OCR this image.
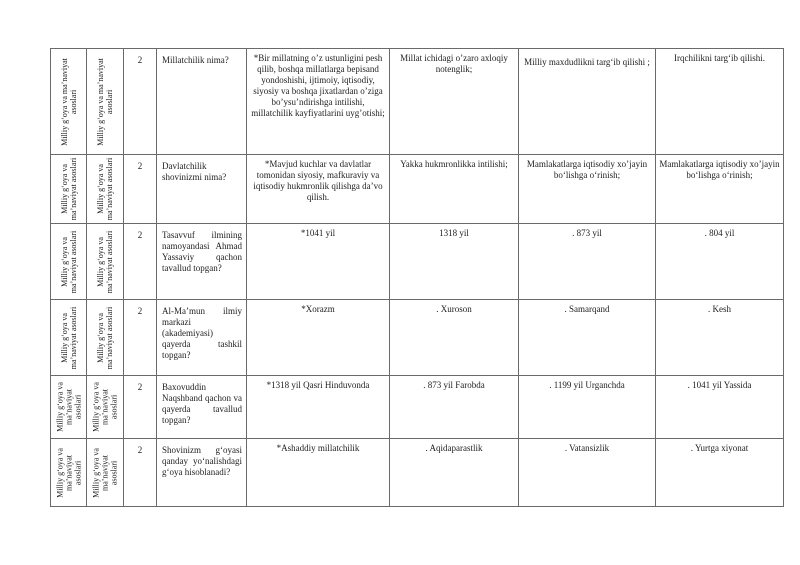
Milliy g‘oya va ma’naviyat asoslari	Milliy g‘oya va ma’naviyat asoslari	2	Millatchilik nima?	*Bir millatning o’z ustunligini pesh qilib, boshqa millatlarga bepisand yondoshishi, ijtimoiy, iqtisodiy, siyosiy va boshqa jixatlardan o’ziga bo’ysu’ndirishga intilishi, millatchilik kayfiyatlarini uyg’otishi;	Millat ichidagi o’zaro axloqiy notenglik;	Milliy maxdudlikni targ‘ib qilishi ;	Irqchilikni targ‘ib qilishi.

Milliy g‘oya va ma’naviyat asoslari	Milliy g‘oya va ma’naviyat asoslari	2	Davlatchilik shovinizmi nima?	*Mavjud kuchlar va davlatlar tomonidan siyosiy, mafkuraviy va iqtisodiy hukmronlik qilishga da’vo qilish.	Yakka hukmronlikka intilishi;	Mamlakatlarga iqtisodiy xo’jayin bo‘lishga o‘rinish;	Mamlakatlarga iqtisodiy xo’jayin bo‘lishga o‘rinish;

Milliy g‘oya va ma’naviyat asoslari	Milliy g‘oya va ma’naviyat asoslari	2	Tasavvuf ilmining namoyandasi Ahmad Yassaviy qachon tavallud topgan?	*1041 yil	1318 yil	. 873 yil	. 804 yil

Milliy g‘oya va ma’naviyat asoslari	Milliy g‘oya va ma’naviyat asoslari	2	Al-Ma’mun ilmiy markazi (akademiyasi) qayerda tashkil topgan?	*Xorazm	. Xuroson	. Samarqand	. Kesh

Milliy g‘oya va ma’naviyat asoslari	Milliy g‘oya va ma’naviyat asoslari	2	Baxovuddin Naqshband qachon va qayerda tavallud topgan?	*1318 yil Qasri Hinduvonda	. 873 yil Farobda	. 1199 yil Urganchda	. 1041 yil Yassida

Milliy g‘oya va ma’naviyat asoslari	Milliy g‘oya va ma’naviyat asoslari	2	Shovinizm g‘oyasi qanday yo‘nalishdagi g‘oya hisoblanadi?	*Ashaddiy millatchilik	. Aqidaparastlik	. Vatansizlik	. Yurtga xiyonat
